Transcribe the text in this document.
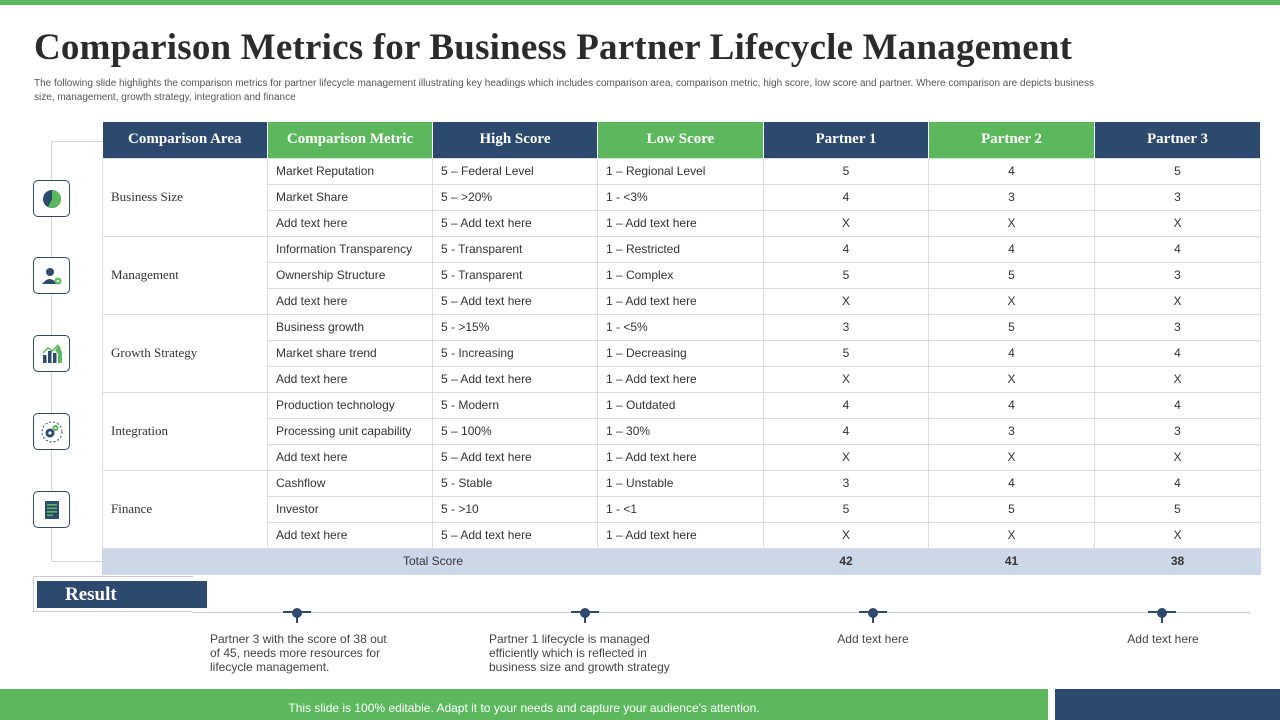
Comparison Metrics for Business Partner Lifecycle Management

The following slide highlights the comparison metrics for partner lifecycle management illustrating key headings which includes comparison area, comparison metric, high score, low score and partner. Where comparison are depicts business size, management, growth strategy, integration and finance

Comparison Area	Comparison Metric	High Score	Low Score	Partner 1	Partner 2	Partner 3
Business Size	Market Reputation	5 – Federal Level	1 – Regional Level	5	4	5
	Market Share	5 – >20%	1 - <3%	4	3	3
	Add text here	5 – Add text here	1 – Add text here	X	X	X
Management	Information Transparency	5 - Transparent	1 – Restricted	4	4	4
	Ownership Structure	5 - Transparent	1 – Complex	5	5	3
	Add text here	5 – Add text here	1 – Add text here	X	X	X
Growth Strategy	Business growth	5 - >15%	1 - <5%	3	5	3
	Market share trend	5 - Increasing	1 – Decreasing	5	4	4
	Add text here	5 – Add text here	1 – Add text here	X	X	X
Integration	Production technology	5 - Modern	1 – Outdated	4	4	4
	Processing unit capability	5 – 100%	1 – 30%	4	3	3
	Add text here	5 – Add text here	1 – Add text here	X	X	X
Finance	Cashflow	5 - Stable	1 – Unstable	3	4	4
	Investor	5 - >10	1 - <1	5	5	5
	Add text here	5 – Add text here	1 – Add text here	X	X	X
Total Score				42	41	38
Result

Partner 3 with the score of 38 out of 45, needs more resources for lifecycle management.

Partner 1 lifecycle is managed efficiently which is reflected in business size and growth strategy

Add text here	Add text here

This slide is 100% editable. Adapt it to your needs and capture your audience's attention.
